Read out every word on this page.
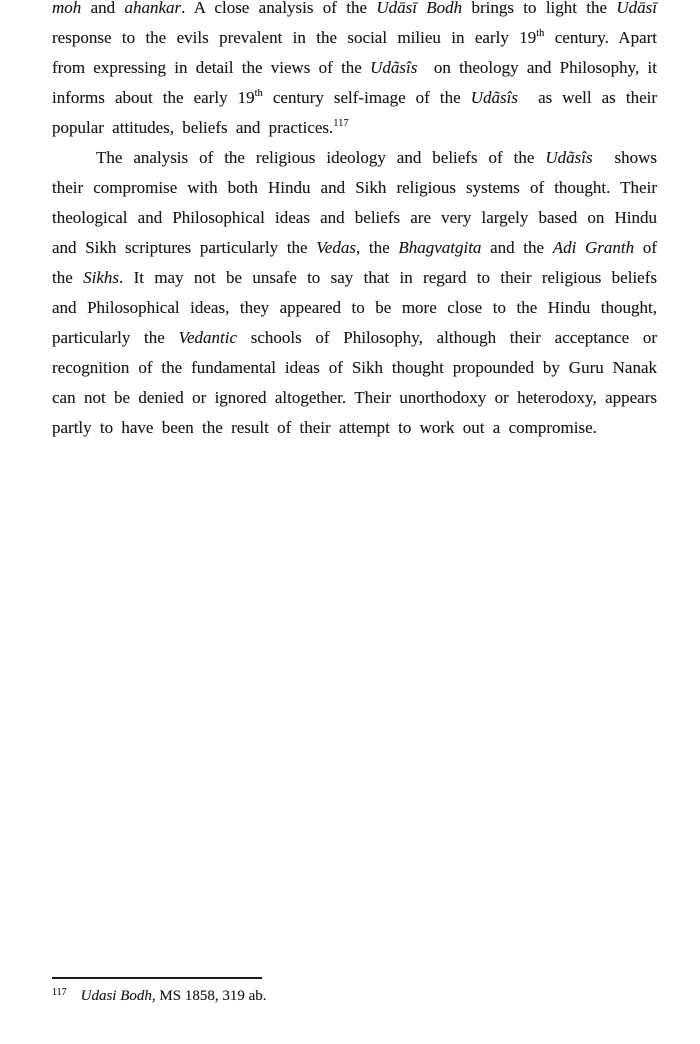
moh and ahankar. A close analysis of the Udāsī Bodh brings to light the Udāsī response to the evils prevalent in the social milieu in early 19th century. Apart from expressing in detail the views of the Udãsîs  on theology and Philosophy, it informs about the early 19th century self-image of the Udãsîs  as well as their popular attitudes, beliefs and practices.$^{117}$

The analysis of the religious ideology and beliefs of the Udãsîs  shows their compromise with both Hindu and Sikh religious systems of thought. Their theological and Philosophical ideas and beliefs are very largely based on Hindu and Sikh scriptures particularly the Vedas, the Bhagvatgita and the Adi Granth of the Sikhs. It may not be unsafe to say that in regard to their religious beliefs and Philosophical ideas, they appeared to be more close to the Hindu thought, particularly the Vedantic schools of Philosophy, although their acceptance or recognition of the fundamental ideas of Sikh thought propounded by Guru Nanak can not be denied or ignored altogether. Their unorthodoxy or heterodoxy, appears partly to have been the result of their attempt to work out a compromise.

$^{117}$ Udasi Bodh, MS 1858, 319 ab.
